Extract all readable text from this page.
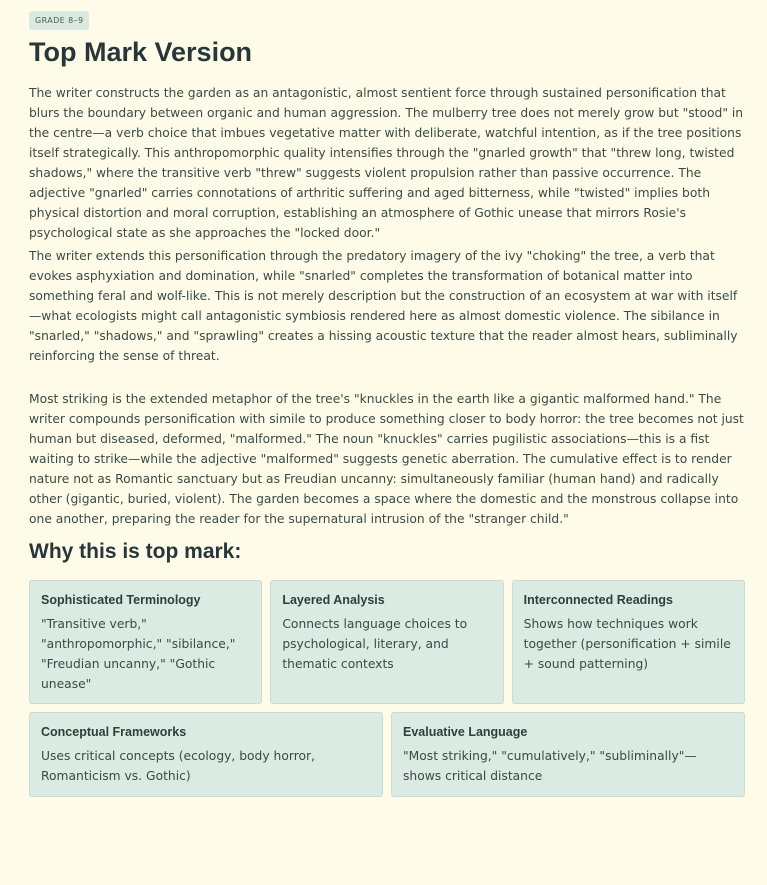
GRADE 8–9
Top Mark Version

The writer constructs the garden as an antagonistic, almost sentient force through sustained personification that blurs the boundary between organic and human aggression. The mulberry tree does not merely grow but "stood" in the centre—a verb choice that imbues vegetative matter with deliberate, watchful intention, as if the tree positions itself strategically. This anthropomorphic quality intensifies through the "gnarled growth" that "threw long, twisted shadows," where the transitive verb "threw" suggests violent propulsion rather than passive occurrence. The adjective "gnarled" carries connotations of arthritic suffering and aged bitterness, while "twisted" implies both physical distortion and moral corruption, establishing an atmosphere of Gothic unease that mirrors Rosie's psychological state as she approaches the "locked door."

The writer extends this personification through the predatory imagery of the ivy "choking" the tree, a verb that evokes asphyxiation and domination, while "snarled" completes the transformation of botanical matter into something feral and wolf-like. This is not merely description but the construction of an ecosystem at war with itself—what ecologists might call antagonistic symbiosis rendered here as almost domestic violence. The sibilance in "snarled," "shadows," and "sprawling" creates a hissing acoustic texture that the reader almost hears, subliminally reinforcing the sense of threat.

Most striking is the extended metaphor of the tree's "knuckles in the earth like a gigantic malformed hand." The writer compounds personification with simile to produce something closer to body horror: the tree becomes not just human but diseased, deformed, "malformed." The noun "knuckles" carries pugilistic associations—this is a fist waiting to strike—while the adjective "malformed" suggests genetic aberration. The cumulative effect is to render nature not as Romantic sanctuary but as Freudian uncanny: simultaneously familiar (human hand) and radically other (gigantic, buried, violent). The garden becomes a space where the domestic and the monstrous collapse into one another, preparing the reader for the supernatural intrusion of the "stranger child."

Why this is top mark:
Sophisticated Terminology

"Transitive verb," "anthropomorphic," "sibilance," "Freudian uncanny," "Gothic unease"

Layered Analysis

Connects language choices to psychological, literary, and thematic contexts

Interconnected Readings

Shows how techniques work together (personification + simile + sound patterning)

Conceptual Frameworks

Uses critical concepts (ecology, body horror, Romanticism vs. Gothic)

Evaluative Language

"Most striking," "cumulatively," "subliminally"—shows critical distance
